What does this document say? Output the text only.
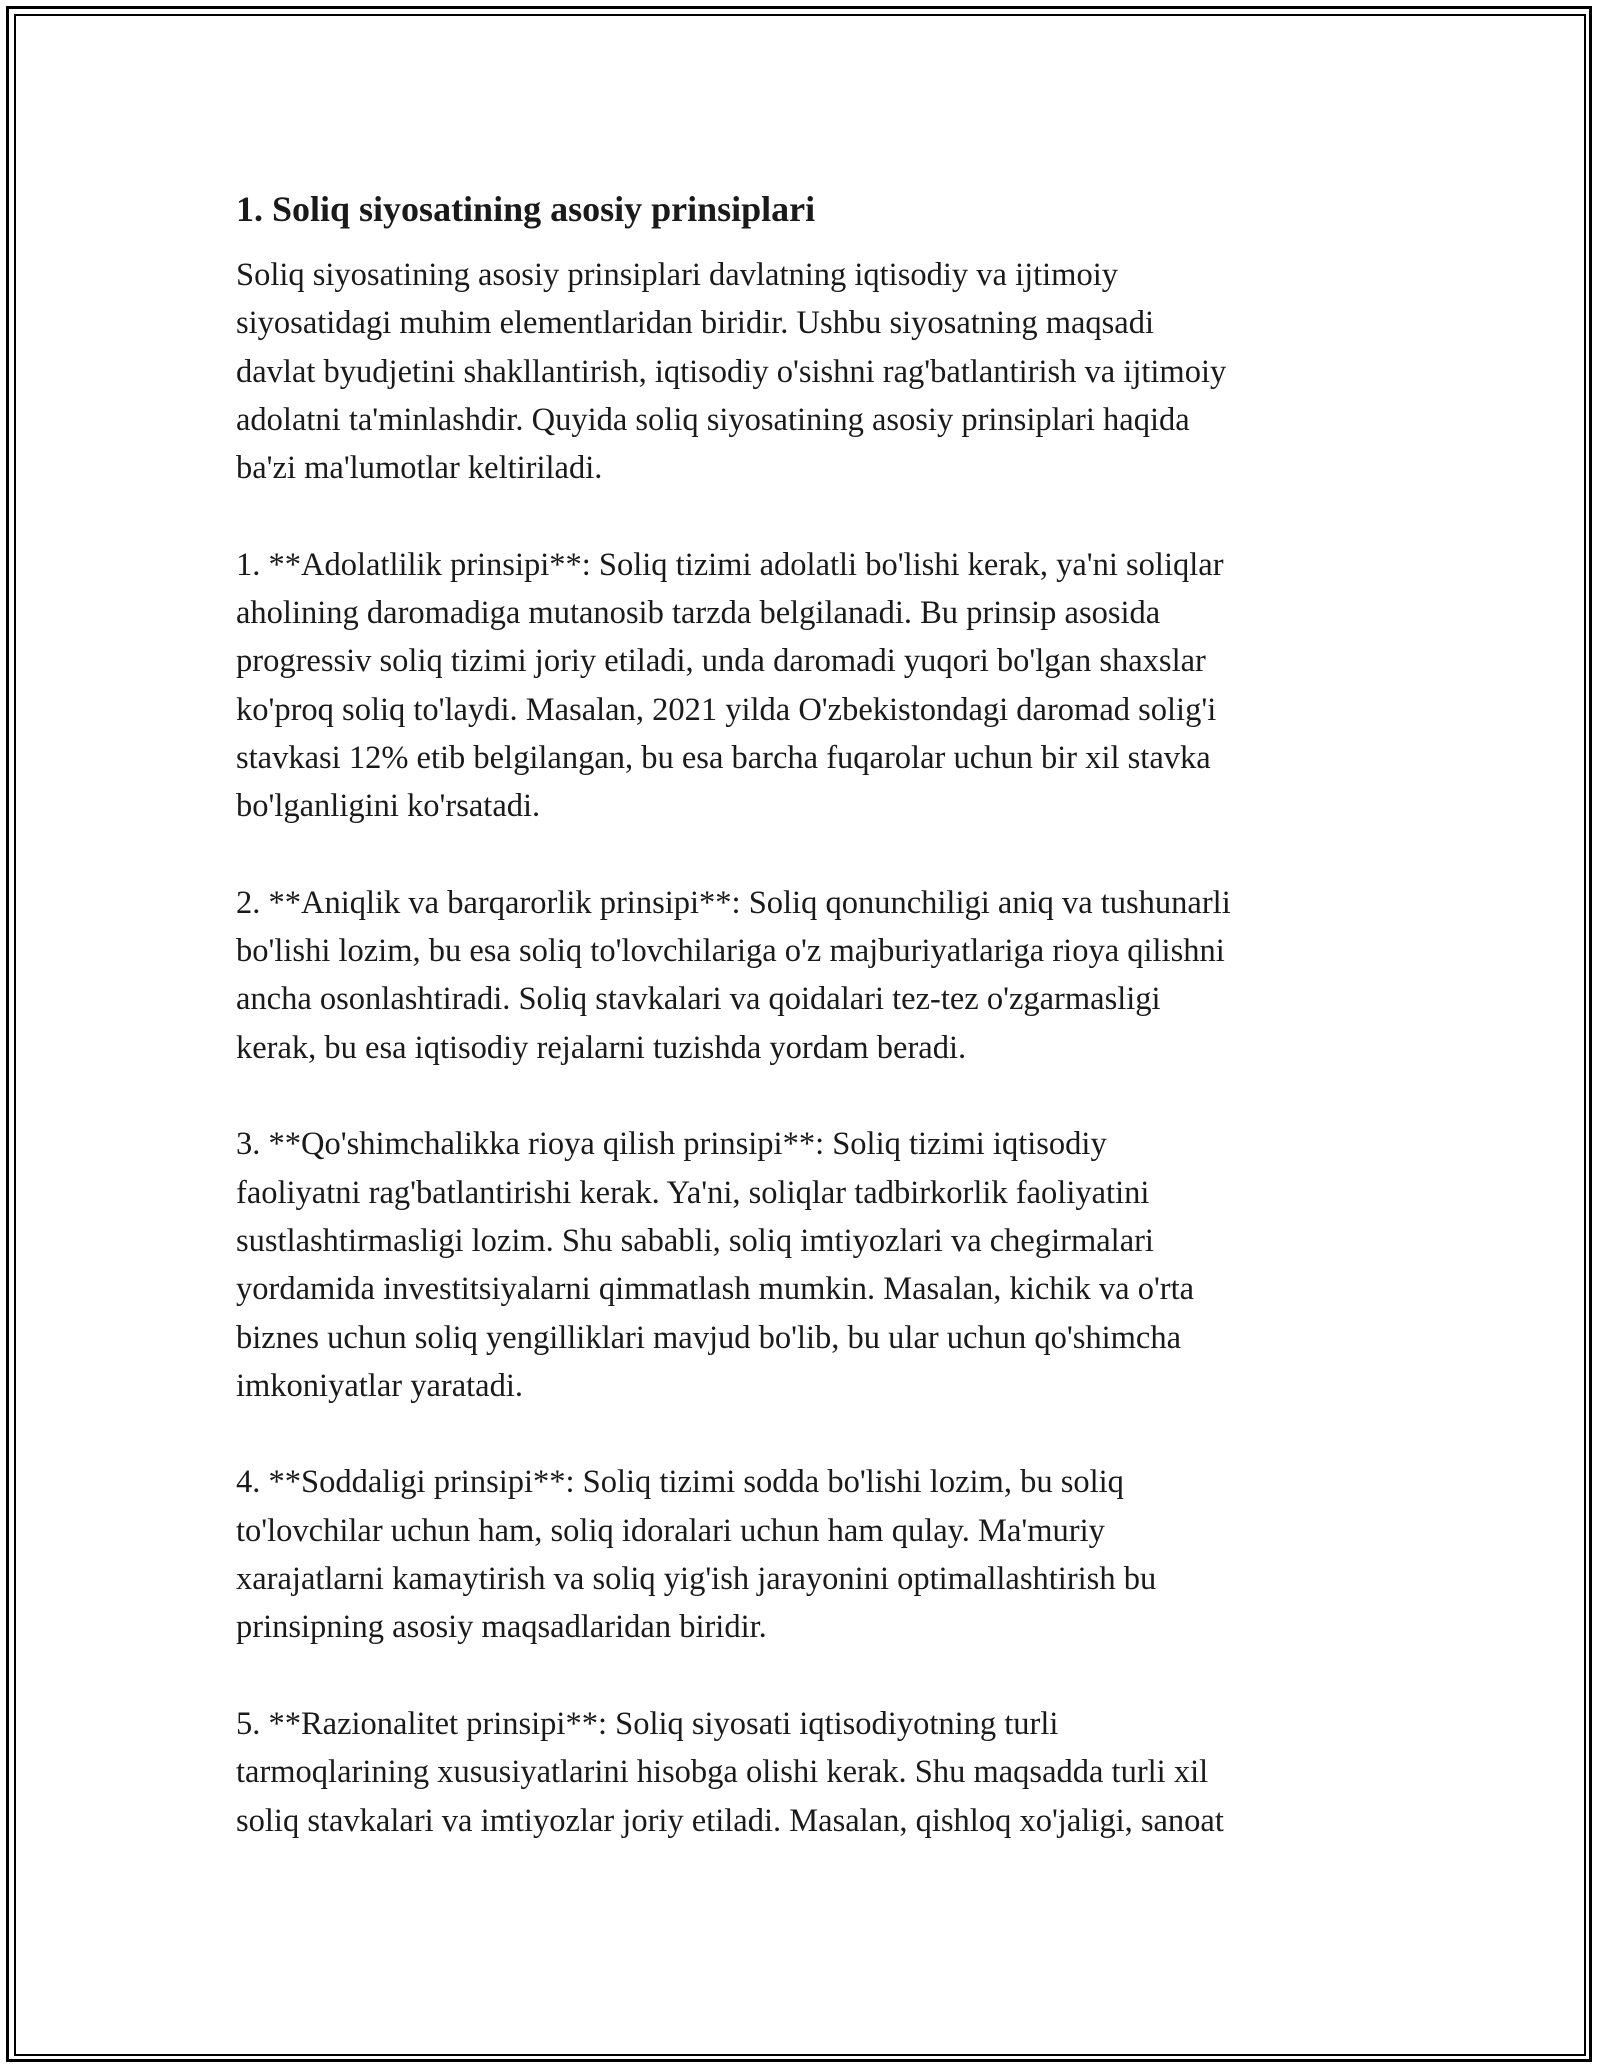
1. Soliq siyosatining asosiy prinsiplari
Soliq siyosatining asosiy prinsiplari davlatning iqtisodiy va ijtimoiy
siyosatidagi muhim elementlaridan biridir. Ushbu siyosatning maqsadi
davlat byudjetini shakllantirish, iqtisodiy o'sishni rag'batlantirish va ijtimoiy
adolatni ta'minlashdir. Quyida soliq siyosatining asosiy prinsiplari haqida
ba'zi ma'lumotlar keltiriladi.
1. **Adolatlilik prinsipi**: Soliq tizimi adolatli bo'lishi kerak, ya'ni soliqlar
aholining daromadiga mutanosib tarzda belgilanadi. Bu prinsip asosida
progressiv soliq tizimi joriy etiladi, unda daromadi yuqori bo'lgan shaxslar
ko'proq soliq to'laydi. Masalan, 2021 yilda O'zbekistondagi daromad solig'i
stavkasi 12% etib belgilangan, bu esa barcha fuqarolar uchun bir xil stavka
bo'lganligini ko'rsatadi.
2. **Aniqlik va barqarorlik prinsipi**: Soliq qonunchiligi aniq va tushunarli
bo'lishi lozim, bu esa soliq to'lovchilariga o'z majburiyatlariga rioya qilishni
ancha osonlashtiradi. Soliq stavkalari va qoidalari tez-tez o'zgarmasligi
kerak, bu esa iqtisodiy rejalarni tuzishda yordam beradi.
3. **Qo'shimchalikka rioya qilish prinsipi**: Soliq tizimi iqtisodiy
faoliyatni rag'batlantirishi kerak. Ya'ni, soliqlar tadbirkorlik faoliyatini
sustlashtirmasligi lozim. Shu sababli, soliq imtiyozlari va chegirmalari
yordamida investitsiyalarni qimmatlash mumkin. Masalan, kichik va o'rta
biznes uchun soliq yengilliklari mavjud bo'lib, bu ular uchun qo'shimcha
imkoniyatlar yaratadi.
4. **Soddaligi prinsipi**: Soliq tizimi sodda bo'lishi lozim, bu soliq
to'lovchilar uchun ham, soliq idoralari uchun ham qulay. Ma'muriy
xarajatlarni kamaytirish va soliq yig'ish jarayonini optimallashtirish bu
prinsipning asosiy maqsadlaridan biridir.
5. **Razionalitet prinsipi**: Soliq siyosati iqtisodiyotning turli
tarmoqlarining xususiyatlarini hisobga olishi kerak. Shu maqsadda turli xil
soliq stavkalari va imtiyozlar joriy etiladi. Masalan, qishloq xo'jaligi, sanoat
